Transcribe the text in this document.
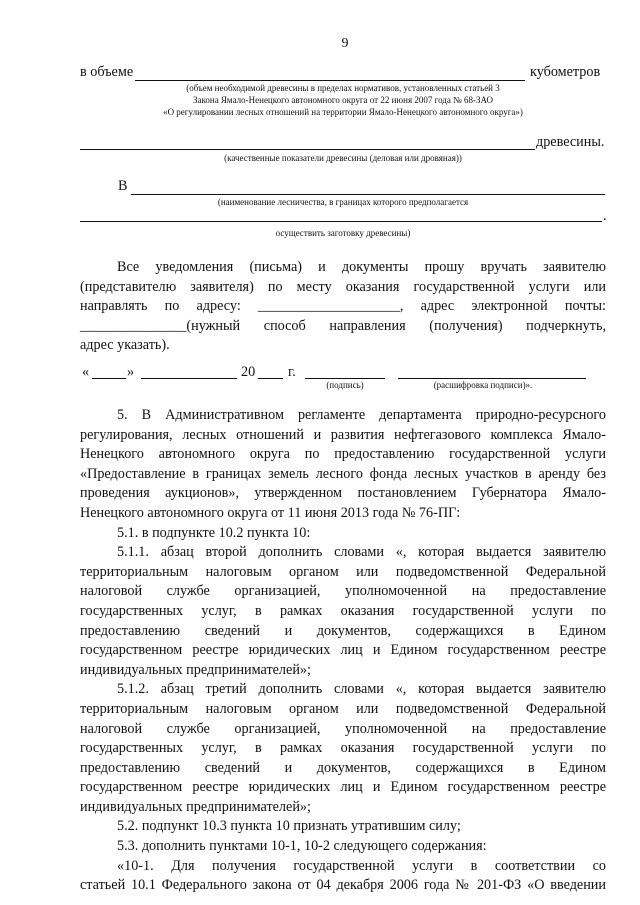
9
в объеме	кубометров
(объем необходимой древесины в пределах нормативов, установленных статьей 3
Закона Ямало-Ненецкого автономного округа от 22 июня 2007 года № 68-ЗАО
«О регулировании лесных отношений на территории Ямало-Ненецкого автономного округа»)
древесины.
(качественные показатели древесины (деловая или дровяная))
В
(наименование лесничества, в границах которого предполагается
.
осуществить заготовку древесины)
Все уведомления (письма) и документы прошу вручать заявителю
(представителю заявителя) по месту оказания государственной услуги или
направлять по адресу: ____________________, адрес электронной почты:
_______________(нужный способ направления (получения) подчеркнуть,
адрес указать).
«	»	20 г.
(подпись)	(расшифровка подписи)».
5. В Административном регламенте департамента природно-ресурсного
регулирования, лесных отношений и развития нефтегазового комплекса Ямало-
Ненецкого автономного округа по предоставлению государственной услуги
«Предоставление в границах земель лесного фонда лесных участков в аренду без
проведения аукционов», утвержденном постановлением Губернатора Ямало-
Ненецкого автономного округа от 11 июня 2013 года № 76-ПГ:
5.1. в подпункте 10.2 пункта 10:
5.1.1. абзац второй дополнить словами «, которая выдается заявителю
территориальным налоговым органом или подведомственной Федеральной
налоговой службе организацией, уполномоченной на предоставление
государственных услуг, в рамках оказания государственной услуги по
предоставлению сведений и документов, содержащихся в Едином
государственном реестре юридических лиц и Едином государственном реестре
индивидуальных предпринимателей»;
5.1.2. абзац третий дополнить словами «, которая выдается заявителю
территориальным налоговым органом или подведомственной Федеральной
налоговой службе организацией, уполномоченной на предоставление
государственных услуг, в рамках оказания государственной услуги по
предоставлению сведений и документов, содержащихся в Едином
государственном реестре юридических лиц и Едином государственном реестре
индивидуальных предпринимателей»;
5.2. подпункт 10.3 пункта 10 признать утратившим силу;
5.3. дополнить пунктами 10-1, 10-2 следующего содержания:
«10-1. Для получения государственной услуги в соответствии со
статьей 10.1 Федерального закона от 04 декабря 2006 года № 201-ФЗ «О введении
